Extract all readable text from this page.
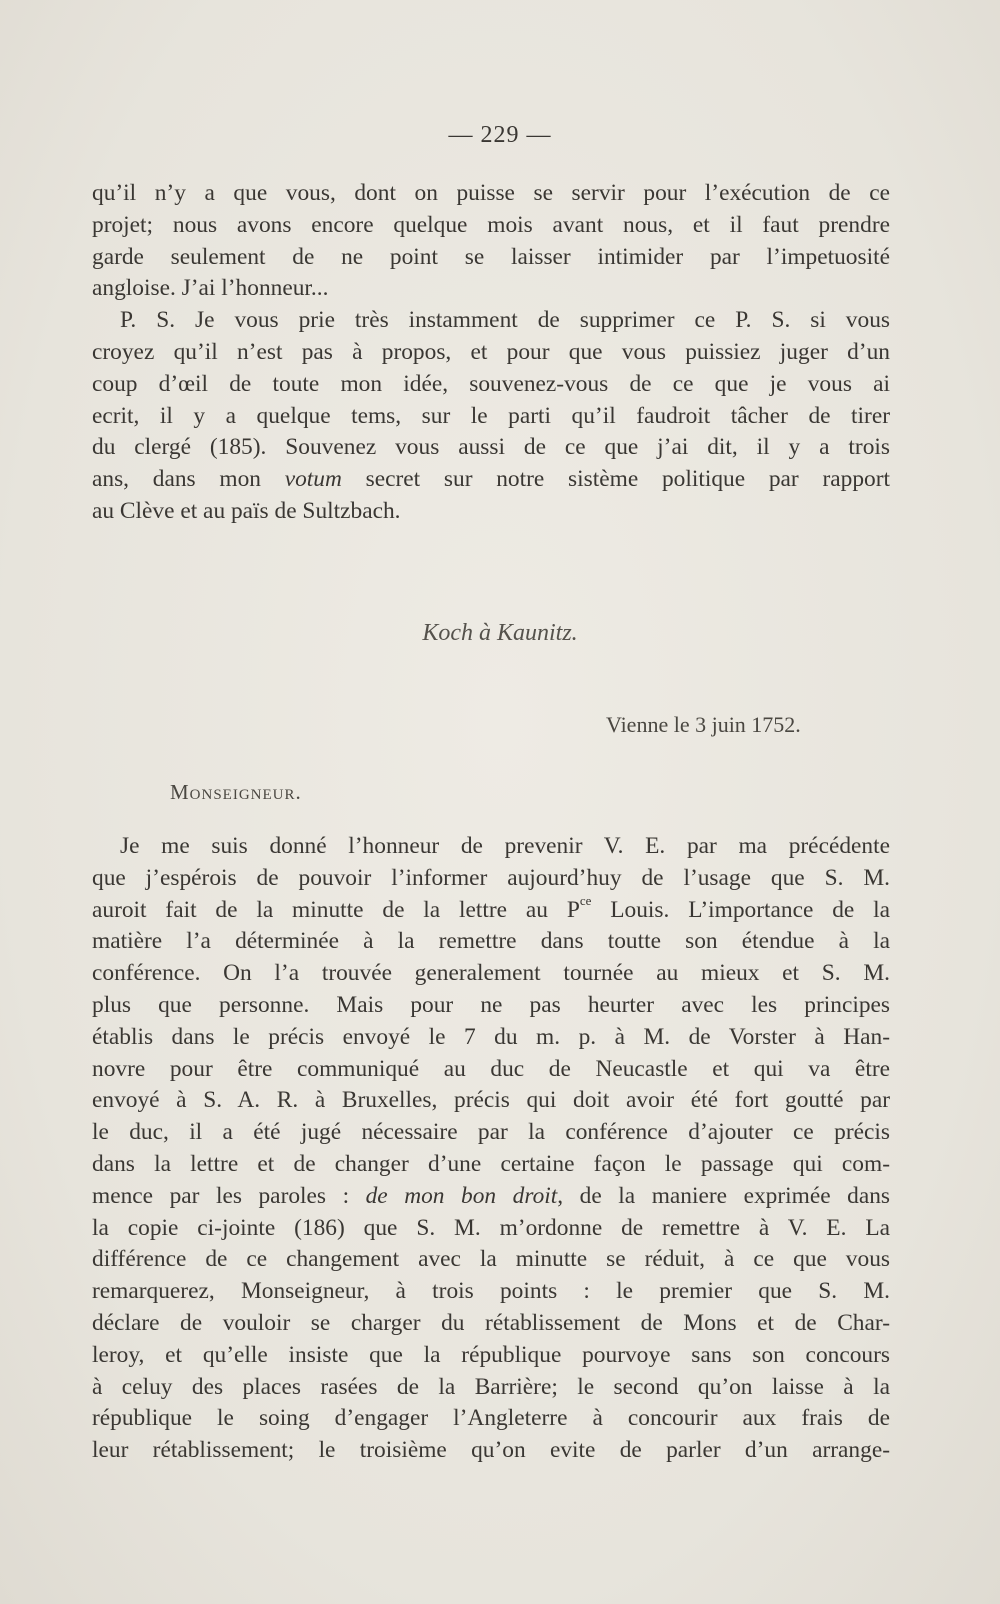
— 229 —
qu’il n’y a que vous, dont on puisse se servir pour l’exécution de ce
projet; nous avons encore quelque mois avant nous, et il faut prendre
garde seulement de ne point se laisser intimider par l’impetuosité
angloise. J’ai l’honneur...
P. S. Je vous prie très instamment de supprimer ce P. S. si vous
croyez qu’il n’est pas à propos, et pour que vous puissiez juger d’un
coup d’œil de toute mon idée, souvenez-vous de ce que je vous ai
ecrit, il y a quelque tems, sur le parti qu’il faudroit tâcher de tirer
du clergé (185). Souvenez vous aussi de ce que j’ai dit, il y a trois
ans, dans mon votum secret sur notre sistème politique par rapport
au Clève et au païs de Sultzbach.
Koch à Kaunitz.
Vienne le 3 juin 1752.
Monseigneur.
Je me suis donné l’honneur de prevenir V. E. par ma précédente
que j’espérois de pouvoir l’informer aujourd’huy de l’usage que S. M.
auroit fait de la minutte de la lettre au $P^{ce}$ Louis. L’importance de la
matière l’a déterminée à la remettre dans toutte son étendue à la
conférence. On l’a trouvée generalement tournée au mieux et S. M.
plus que personne. Mais pour ne pas heurter avec les principes
établis dans le précis envoyé le 7 du m. p. à M. de Vorster à Han-
novre pour être communiqué au duc de Neucastle et qui va être
envoyé à S. A. R. à Bruxelles, précis qui doit avoir été fort goutté par
le duc, il a été jugé nécessaire par la conférence d’ajouter ce précis
dans la lettre et de changer d’une certaine façon le passage qui com-
mence par les paroles : de mon bon droit, de la maniere exprimée dans
la copie ci-jointe (186) que S. M. m’ordonne de remettre à V. E. La
différence de ce changement avec la minutte se réduit, à ce que vous
remarquerez, Monseigneur, à trois points : le premier que S. M.
déclare de vouloir se charger du rétablissement de Mons et de Char-
leroy, et qu’elle insiste que la république pourvoye sans son concours
à celuy des places rasées de la Barrière; le second qu’on laisse à la
république le soing d’engager l’Angleterre à concourir aux frais de
leur rétablissement; le troisième qu’on evite de parler d’un arrange-
